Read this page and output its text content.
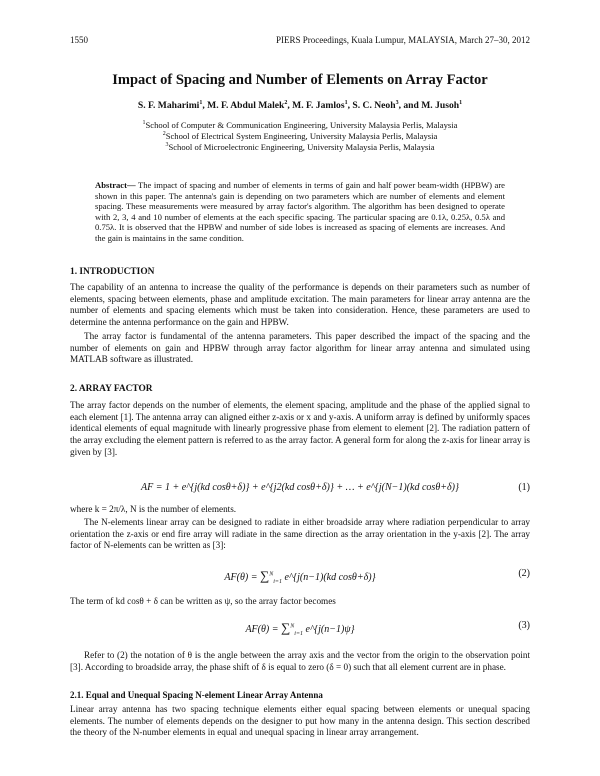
1550	PIERS Proceedings, Kuala Lumpur, MALAYSIA, March 27–30, 2012
Impact of Spacing and Number of Elements on Array Factor
S. F. Maharimi$^1$, M. F. Abdul Malek$^2$, M. F. Jamlos$^1$, S. C. Neoh$^3$, and M. Jusoh$^1$
$^1$School of Computer & Communication Engineering, University Malaysia Perlis, Malaysia
$^2$School of Electrical System Engineering, University Malaysia Perlis, Malaysia
$^3$School of Microelectronic Engineering, University Malaysia Perlis, Malaysia
Abstract— The impact of spacing and number of elements in terms of gain and half power beam-width (HPBW) are shown in this paper. The antenna's gain is depending on two parameters which are number of elements and element spacing. These measurements were measured by array factor's algorithm. The algorithm has been designed to operate with 2, 3, 4 and 10 number of elements at the each specific spacing. The particular spacing are 0.1λ, 0.25λ, 0.5λ and 0.75λ. It is observed that the HPBW and number of side lobes is increased as spacing of elements are increases. And the gain is maintains in the same condition.
1. INTRODUCTION
The capability of an antenna to increase the quality of the performance is depends on their parameters such as number of elements, spacing between elements, phase and amplitude excitation. The main parameters for linear array antenna are the number of elements and spacing elements which must be taken into consideration. Hence, these parameters are used to determine the antenna performance on the gain and HPBW.
The array factor is fundamental of the antenna parameters. This paper described the impact of the spacing and the number of elements on gain and HPBW through array factor algorithm for linear array antenna and simulated using MATLAB software as illustrated.
2. ARRAY FACTOR
The array factor depends on the number of elements, the element spacing, amplitude and the phase of the applied signal to each element [1]. The antenna array can aligned either z-axis or x and y-axis. A uniform array is defined by uniformly spaces identical elements of equal magnitude with linearly progressive phase from element to element [2]. The radiation pattern of the array excluding the element pattern is referred to as the array factor. A general form for along the z-axis for linear array is given by [3].
AF = 1 + e^{j(kd cosθ+δ)} + e^{j2(kd cosθ+δ)} + … + e^{j(N−1)(kd cosθ+δ)}	(1)
where k = 2π/λ, N is the number of elements.
The N-elements linear array can be designed to radiate in either broadside array where radiation perpendicular to array orientation the z-axis or end fire array will radiate in the same direction as the array orientation in the y-axis [2]. The array factor of N-elements can be written as [3]:
AF(θ) = ∑$^N_{i=1}$ e^{j(n−1)(kd cosθ+δ)}	(2)
The term of kd cosθ + δ can be written as ψ, so the array factor becomes
AF(θ) = ∑$^N_{i=1}$ e^{j(n−1)ψ}	(3)
Refer to (2) the notation of θ is the angle between the array axis and the vector from the origin to the observation point [3]. According to broadside array, the phase shift of δ is equal to zero (δ = 0) such that all element current are in phase.
2.1. Equal and Unequal Spacing N-element Linear Array Antenna
Linear array antenna has two spacing technique elements either equal spacing between elements or unequal spacing elements. The number of elements depends on the designer to put how many in the antenna design. This section described the theory of the N-number elements in equal and unequal spacing in linear array arrangement.
